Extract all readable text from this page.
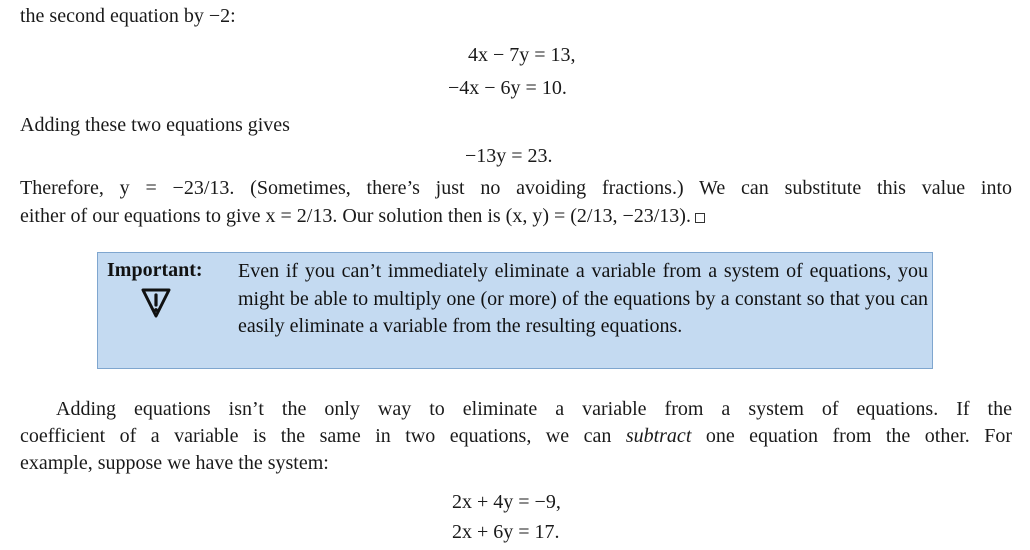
the second equation by −2:
4x − 7y = 13,
−4x − 6y = 10.
Adding these two equations gives
−13y = 23.
Therefore, y = −23/13. (Sometimes, there’s just no avoiding fractions.) We can substitute this value into
either of our equations to give x = 2/13. Our solution then is (x, y) = (2/13, −23/13).
Important: Even if you can’t immediately eliminate a variable from a system of equations, you might be able to multiply one (or more) of the equations by a constant so that you can easily eliminate a variable from the resulting equations.
Adding equations isn’t the only way to eliminate a variable from a system of equations. If the
coefficient of a variable is the same in two equations, we can subtract one equation from the other. For
example, suppose we have the system:
2x + 4y = −9,
2x + 6y = 17.
